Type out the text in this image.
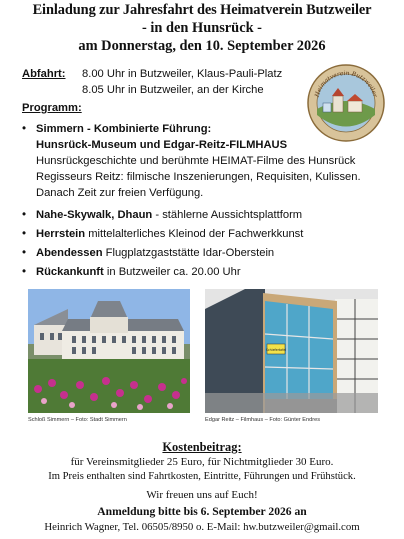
Einladung zur Jahresfahrt des Heimatverein Butzweiler
- in den Hunsrück -
am Donnerstag, den 10. September 2026
Abfahrt: 8.00 Uhr in Butzweiler, Klaus-Pauli-Platz
8.05 Uhr in Butzweiler, an der Kirche	Heimatverein Butzweiler
Programm:
• Simmern - Kombinierte Führung:
Hunsrück-Museum und Edgar-Reitz-FILMHAUS
Hunsrückgeschichte und berühmte HEIMAT-Filme des Hunsrück
Regisseurs Reitz: filmische Inszenierungen, Requisiten, Kulissen.
Danach Zeit zur freien Verfügung.
• Nahe-Skywalk, Dhaun - stählerne Aussichtsplattform
• Herrstein mittelalterliches Kleinod der Fachwerkkunst
• Abendessen Flugplatzgaststätte Idar-Oberstein
• Rückankunft in Butzweiler ca. 20.00 Uhr
Schloß Simmern – Foto: Stadt Simmern
Schiefertafel
Edgar Reitz – Filmhaus – Foto: Günter Endres
Kostenbeitrag:
für Vereinsmitglieder 25 Euro, für Nichtmitglieder 30 Euro.
Im Preis enthalten sind Fahrtkosten, Eintritte, Führungen und Frühstück.
Wir freuen uns auf Euch!
Anmeldung bitte bis 6. September 2026 an
Heinrich Wagner, Tel. 06505/8950 o. E-Mail: hw.butzweiler@gmail.com
